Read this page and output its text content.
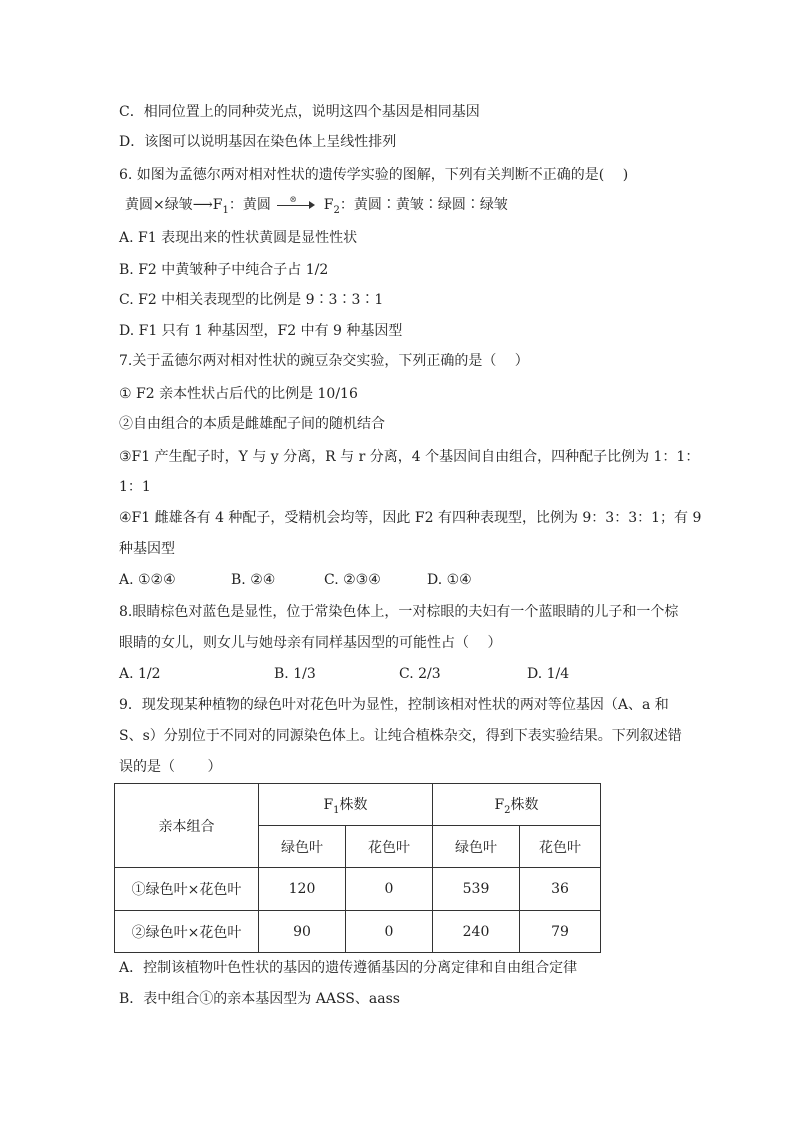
C．相同位置上的同种荧光点，说明这四个基因是相同基因
D．该图可以说明基因在染色体上呈线性排列
6. 如图为孟德尔两对相对性状的遗传学实验的图解，下列有关判断不正确的是(　 )
黄圆×绿皱$⟶F_1$：黄圆 ⊗ $F_2$：黄圆∶黄皱∶绿圆∶绿皱
A. F1 表现出来的性状黄圆是显性性状
B. F2 中黄皱种子中纯合子占 1/2
C. F2 中相关表现型的比例是 9∶3∶3∶1
D. F1 只有 1 种基因型，F2 中有 9 种基因型
7.关于孟德尔两对相对性状的豌豆杂交实验，下列正确的是（　 ）
① F2 亲本性状占后代的比例是 10/16
②自由组合的本质是雌雄配子间的随机结合
③F1 产生配子时，Y 与 y 分离，R 与 r 分离，4 个基因间自由组合，四种配子比例为 1：1：
1：1
④F1 雌雄各有 4 种配子，受精机会均等，因此 F2 有四种表现型，比例为 9：3：3：1；有 9
种基因型
A. ①②④	B. ②④	C. ②③④	D. ①④
8.眼睛棕色对蓝色是显性，位于常染色体上，一对棕眼的夫妇有一个蓝眼睛的儿子和一个棕
眼睛的女儿，则女儿与她母亲有同样基因型的可能性占（　 ）
A. 1/2	B. 1/3	C. 2/3	D. 1/4
9．现发现某种植物的绿色叶对花色叶为显性，控制该相对性状的两对等位基因（A、a 和
S、s）分别位于不同对的同源染色体上。让纯合植株杂交，得到下表实验结果。下列叙述错
误的是（　　 ）
亲本组合	$F_1$株数		$F_2$株数	
	绿色叶	花色叶	绿色叶	花色叶
①绿色叶×花色叶	120	0	539	36
②绿色叶×花色叶	90	0	240	79
A．控制该植物叶色性状的基因的遗传遵循基因的分离定律和自由组合定律
B．表中组合①的亲本基因型为 AASS、aass
